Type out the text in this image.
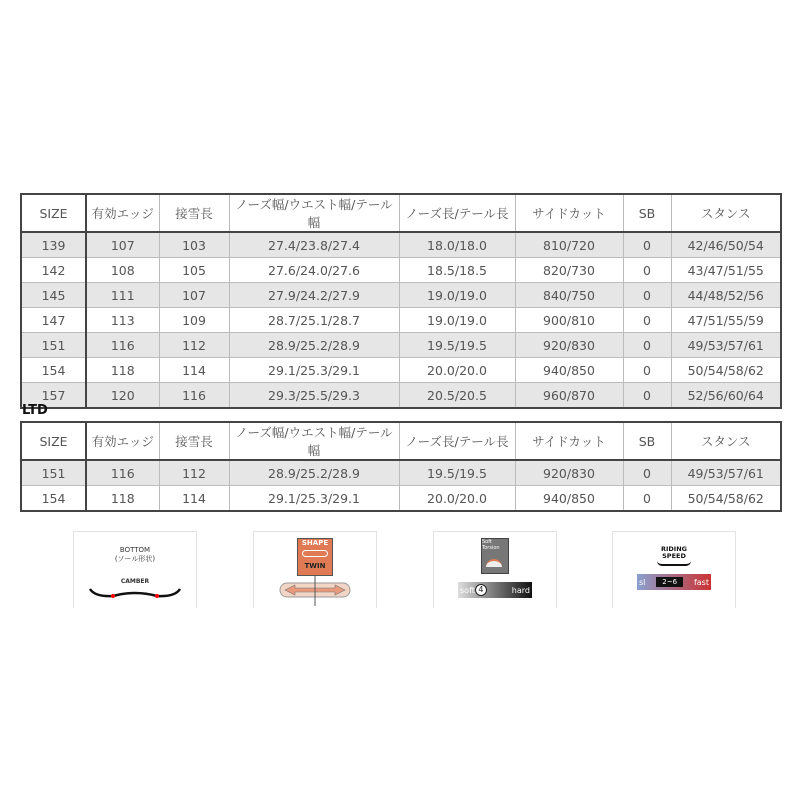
SIZE	有効エッジ	接雪長	ノーズ幅/ウエスト幅/テール幅	ノーズ長/テール長	サイドカット	SB	スタンス
139	107	103	27.4/23.8/27.4	18.0/18.0	810/720	0	42/46/50/54
142	108	105	27.6/24.0/27.6	18.5/18.5	820/730	0	43/47/51/55
145	111	107	27.9/24.2/27.9	19.0/19.0	840/750	0	44/48/52/56
147	113	109	28.7/25.1/28.7	19.0/19.0	900/810	0	47/51/55/59
151	116	112	28.9/25.2/28.9	19.5/19.5	920/830	0	49/53/57/61
154	118	114	29.1/25.3/29.1	20.0/20.0	940/850	0	50/54/58/62
157	120	116	29.3/25.5/29.3	20.5/20.5	960/870	0	52/56/60/64
LTD
SIZE	有効エッジ	接雪長	ノーズ幅/ウエスト幅/テール幅	ノーズ長/テール長	サイドカット	SB	スタンス
151	116	112	28.9/25.2/28.9	19.5/19.5	920/830	0	49/53/57/61
154	118	114	29.1/25.3/29.1	20.0/20.0	940/850	0	50/54/58/62
BOTTOM
(ソール形状)
CAMBER
SHAPE
TWIN
Soft Torsion
soft 4	hard
RIDING SPEED
sl	2~6	fast
